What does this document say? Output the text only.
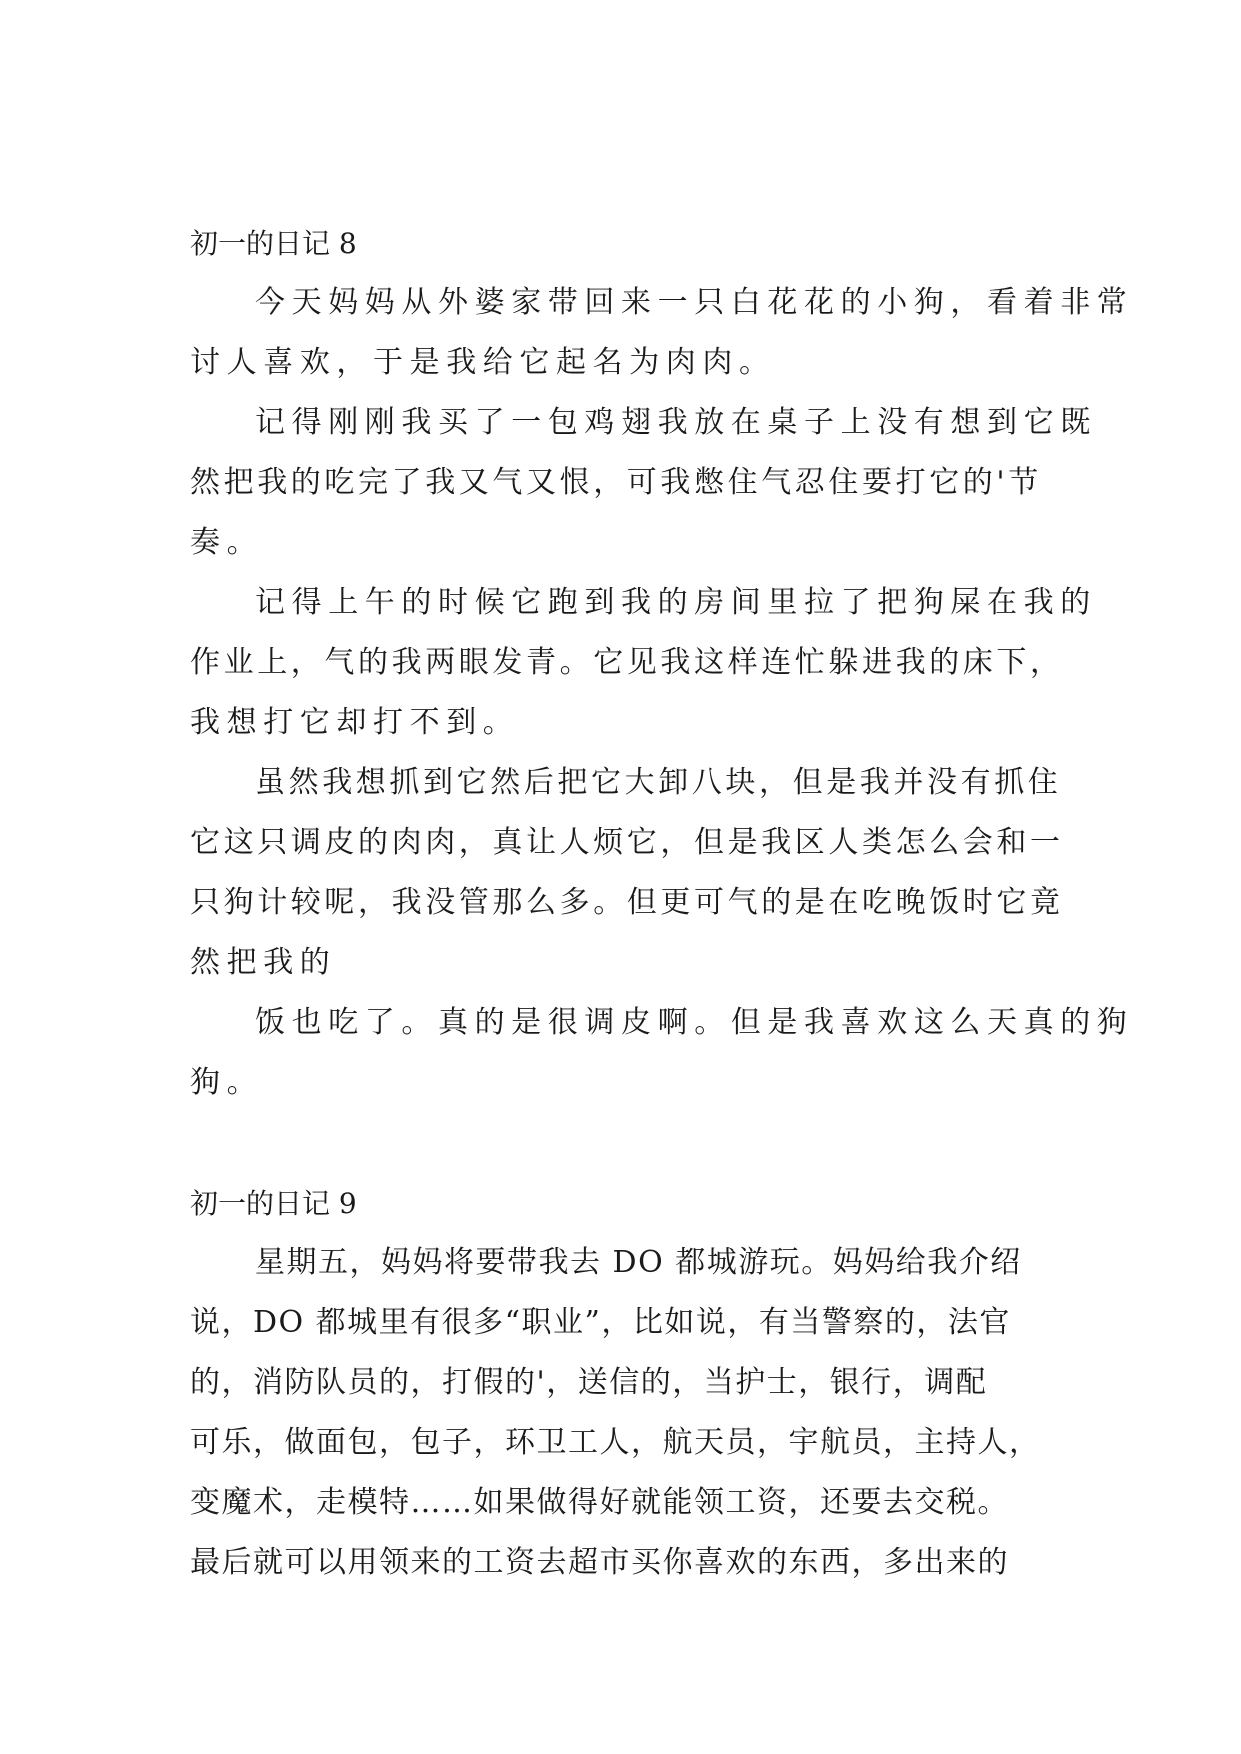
初一的日记 8
今天妈妈从外婆家带回来一只白花花的小狗，看着非常
讨人喜欢，于是我给它起名为肉肉。
记得刚刚我买了一包鸡翅我放在桌子上没有想到它既
然把我的吃完了我又气又恨，可我憋住气忍住要打它的'节
奏。
记得上午的时候它跑到我的房间里拉了把狗屎在我的
作业上，气的我两眼发青。它见我这样连忙躲进我的床下，
我想打它却打不到。
虽然我想抓到它然后把它大卸八块，但是我并没有抓住
它这只调皮的肉肉，真让人烦它，但是我区人类怎么会和一
只狗计较呢，我没管那么多。但更可气的是在吃晚饭时它竟
然把我的
饭也吃了。真的是很调皮啊。但是我喜欢这么天真的狗
狗。
初一的日记 9
星期五，妈妈将要带我去 DO 都城游玩。妈妈给我介绍
说，DO 都城里有很多“职业”，比如说，有当警察的，法官
的，消防队员的，打假的'，送信的，当护士，银行，调配
可乐，做面包，包子，环卫工人，航天员，宇航员，主持人，
变魔术，走模特……如果做得好就能领工资，还要去交税。
最后就可以用领来的工资去超市买你喜欢的东西，多出来的
